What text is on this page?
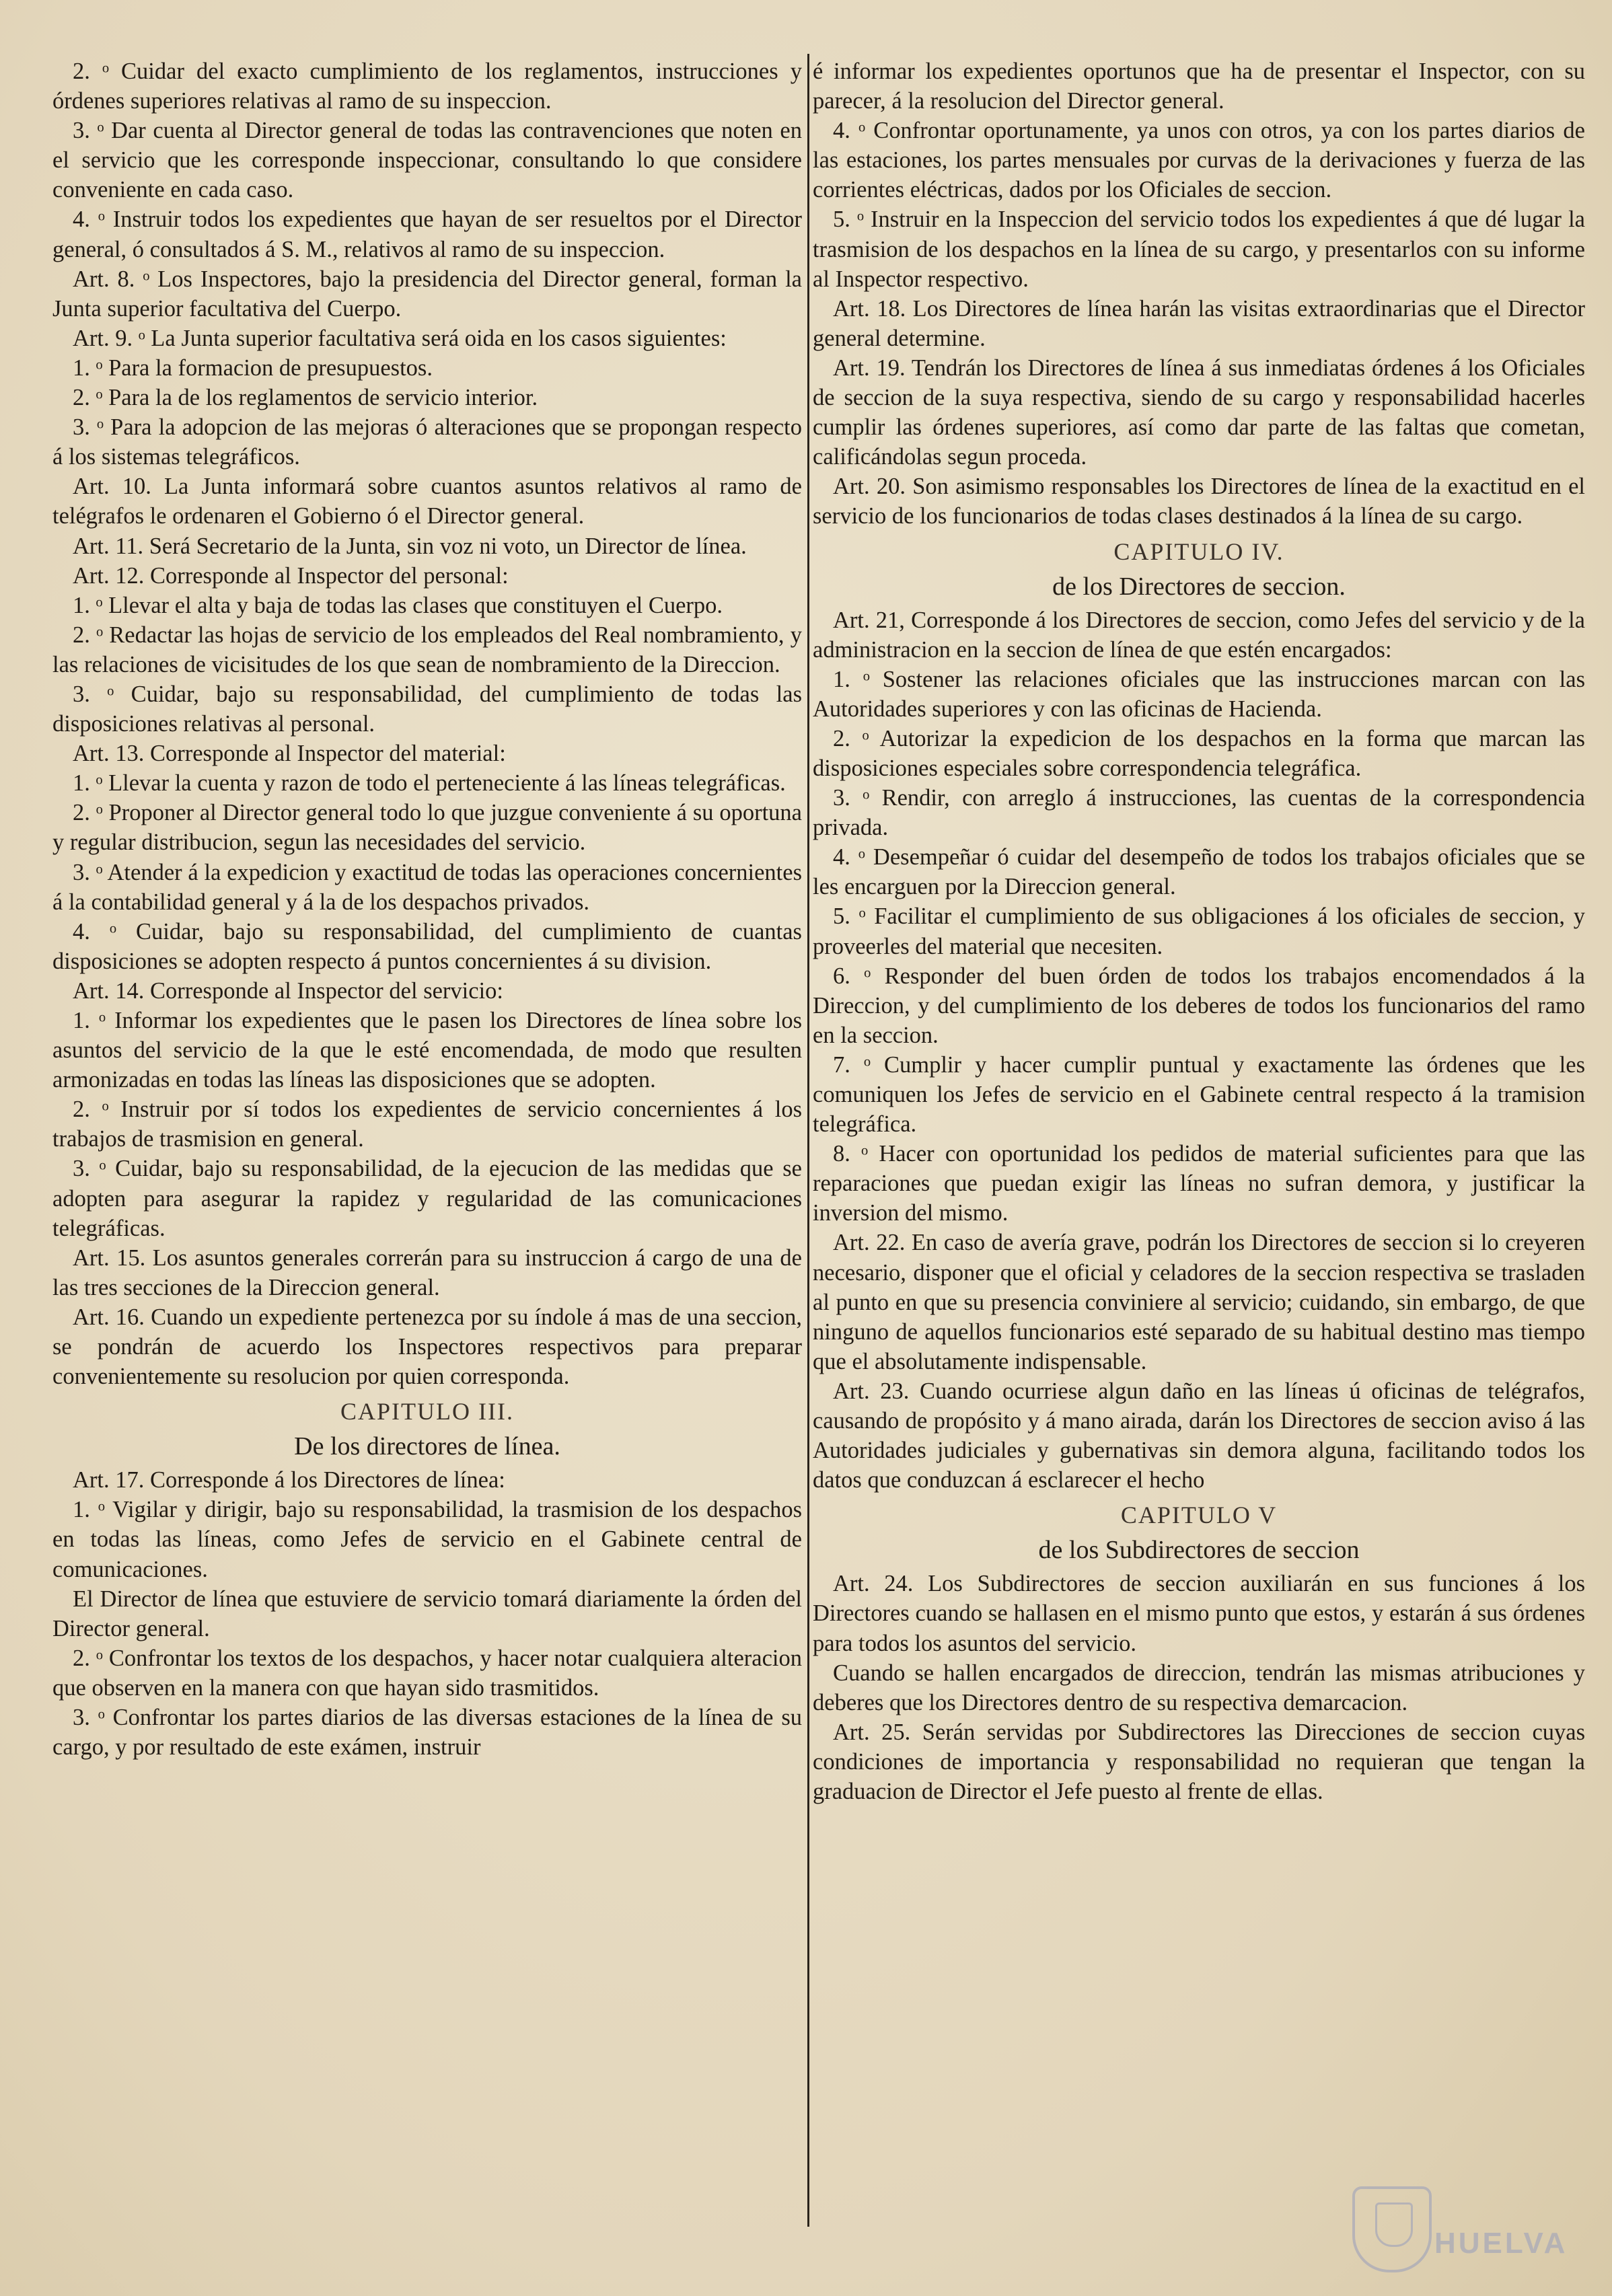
2. ᵒ Cuidar del exacto cumplimiento de los reglamentos, instrucciones y órdenes superiores relativas al ramo de su inspeccion.

3. ᵒ Dar cuenta al Director general de todas las contravenciones que noten en el servicio que les corresponde inspeccionar, consultando lo que considere conveniente en cada caso.

4. ᵒ Instruir todos los expedientes que hayan de ser resueltos por el Director general, ó consultados á S. M., relativos al ramo de su inspeccion.

Art. 8. ᵒ Los Inspectores, bajo la presidencia del Director general, forman la Junta superior facultativa del Cuerpo.

Art. 9. ᵒ La Junta superior facultativa será oida en los casos siguientes:

1. ᵒ Para la formacion de presupuestos.

2. ᵒ Para la de los reglamentos de servicio interior.

3. ᵒ Para la adopcion de las mejoras ó alteraciones que se propongan respecto á los sistemas telegráficos.

Art. 10. La Junta informará sobre cuantos asuntos relativos al ramo de telégrafos le ordenaren el Gobierno ó el Director general.

Art. 11. Será Secretario de la Junta, sin voz ni voto, un Director de línea.

Art. 12. Corresponde al Inspector del personal:

1. ᵒ Llevar el alta y baja de todas las clases que constituyen el Cuerpo.

2. ᵒ Redactar las hojas de servicio de los empleados del Real nombramiento, y las relaciones de vicisitudes de los que sean de nombramiento de la Direccion.

3. ᵒ Cuidar, bajo su responsabilidad, del cumplimiento de todas las disposiciones relativas al personal.

Art. 13. Corresponde al Inspector del material:

1. ᵒ Llevar la cuenta y razon de todo el perteneciente á las líneas telegráficas.

2. ᵒ Proponer al Director general todo lo que juzgue conveniente á su oportuna y regular distribucion, segun las necesidades del servicio.

3. ᵒ Atender á la expedicion y exactitud de todas las operaciones concernientes á la contabilidad general y á la de los despachos privados.

4. ᵒ Cuidar, bajo su responsabilidad, del cumplimiento de cuantas disposiciones se adopten respecto á puntos concernientes á su division.

Art. 14. Corresponde al Inspector del servicio:

1. ᵒ Informar los expedientes que le pasen los Directores de línea sobre los asuntos del servicio de la que le esté encomendada, de modo que resulten armonizadas en todas las líneas las disposiciones que se adopten.

2. ᵒ Instruir por sí todos los expedientes de servicio concernientes á los trabajos de trasmision en general.

3. ᵒ Cuidar, bajo su responsabilidad, de la ejecucion de las medidas que se adopten para asegurar la rapidez y regularidad de las comunicaciones telegráficas.

Art. 15. Los asuntos generales correrán para su instruccion á cargo de una de las tres secciones de la Direccion general.

Art. 16. Cuando un expediente pertenezca por su índole á mas de una seccion, se pondrán de acuerdo los Inspectores respectivos para preparar convenientemente su resolucion por quien corresponda.

CAPITULO III.
De los directores de línea.

Art. 17. Corresponde á los Directores de línea:

1. ᵒ Vigilar y dirigir, bajo su responsabilidad, la trasmision de los despachos en todas las líneas, como Jefes de servicio en el Gabinete central de comunicaciones.

El Director de línea que estuviere de servicio tomará diariamente la órden del Director general.

2. ᵒ Confrontar los textos de los despachos, y hacer notar cualquiera alteracion que observen en la manera con que hayan sido trasmitidos.

3. ᵒ Confrontar los partes diarios de las diversas estaciones de la línea de su cargo, y por resultado de este exámen, instruir

é informar los expedientes oportunos que ha de presentar el Inspector, con su parecer, á la resolucion del Director general.

4. ᵒ Confrontar oportunamente, ya unos con otros, ya con los partes diarios de las estaciones, los partes mensuales por curvas de la derivaciones y fuerza de las corrientes eléctricas, dados por los Oficiales de seccion.

5. ᵒ Instruir en la Inspeccion del servicio todos los expedientes á que dé lugar la trasmision de los despachos en la línea de su cargo, y presentarlos con su informe al Inspector respectivo.

Art. 18. Los Directores de línea harán las visitas extraordinarias que el Director general determine.

Art. 19. Tendrán los Directores de línea á sus inmediatas órdenes á los Oficiales de seccion de la suya respectiva, siendo de su cargo y responsabilidad hacerles cumplir las órdenes superiores, así como dar parte de las faltas que cometan, calificándolas segun proceda.

Art. 20. Son asimismo responsables los Directores de línea de la exactitud en el servicio de los funcionarios de todas clases destinados á la línea de su cargo.

CAPITULO IV.
de los Directores de seccion.

Art. 21, Corresponde á los Directores de seccion, como Jefes del servicio y de la administracion en la seccion de línea de que estén encargados:

1. ᵒ Sostener las relaciones oficiales que las instrucciones marcan con las Autoridades superiores y con las oficinas de Hacienda.

2. ᵒ Autorizar la expedicion de los despachos en la forma que marcan las disposiciones especiales sobre correspondencia telegráfica.

3. ᵒ Rendir, con arreglo á instrucciones, las cuentas de la correspondencia privada.

4. ᵒ Desempeñar ó cuidar del desempeño de todos los trabajos oficiales que se les encarguen por la Direccion general.

5. ᵒ Facilitar el cumplimiento de sus obligaciones á los oficiales de seccion, y proveerles del material que necesiten.

6. ᵒ Responder del buen órden de todos los trabajos encomendados á la Direccion, y del cumplimiento de los deberes de todos los funcionarios del ramo en la seccion.

7. ᵒ Cumplir y hacer cumplir puntual y exactamente las órdenes que les comuniquen los Jefes de servicio en el Gabinete central respecto á la tramision telegráfica.

8. ᵒ Hacer con oportunidad los pedidos de material suficientes para que las reparaciones que puedan exigir las líneas no sufran demora, y justificar la inversion del mismo.

Art. 22. En caso de avería grave, podrán los Directores de seccion si lo creyeren necesario, disponer que el oficial y celadores de la seccion respectiva se trasladen al punto en que su presencia conviniere al servicio; cuidando, sin embargo, de que ninguno de aquellos funcionarios esté separado de su habitual destino mas tiempo que el absolutamente indispensable.

Art. 23. Cuando ocurriese algun daño en las líneas ú oficinas de telégrafos, causando de propósito y á mano airada, darán los Directores de seccion aviso á las Autoridades judiciales y gubernativas sin demora alguna, facilitando todos los datos que conduzcan á esclarecer el hecho

CAPITULO V
de los Subdirectores de seccion

Art. 24. Los Subdirectores de seccion auxiliarán en sus funciones á los Directores cuando se hallasen en el mismo punto que estos, y estarán á sus órdenes para todos los asuntos del servicio.

Cuando se hallen encargados de direccion, tendrán las mismas atribuciones y deberes que los Directores dentro de su respectiva demarcacion.

Art. 25. Serán servidas por Subdirectores las Direcciones de seccion cuyas condiciones de importancia y responsabilidad no requieran que tengan la graduacion de Director el Jefe puesto al frente de ellas.

HUELVA
